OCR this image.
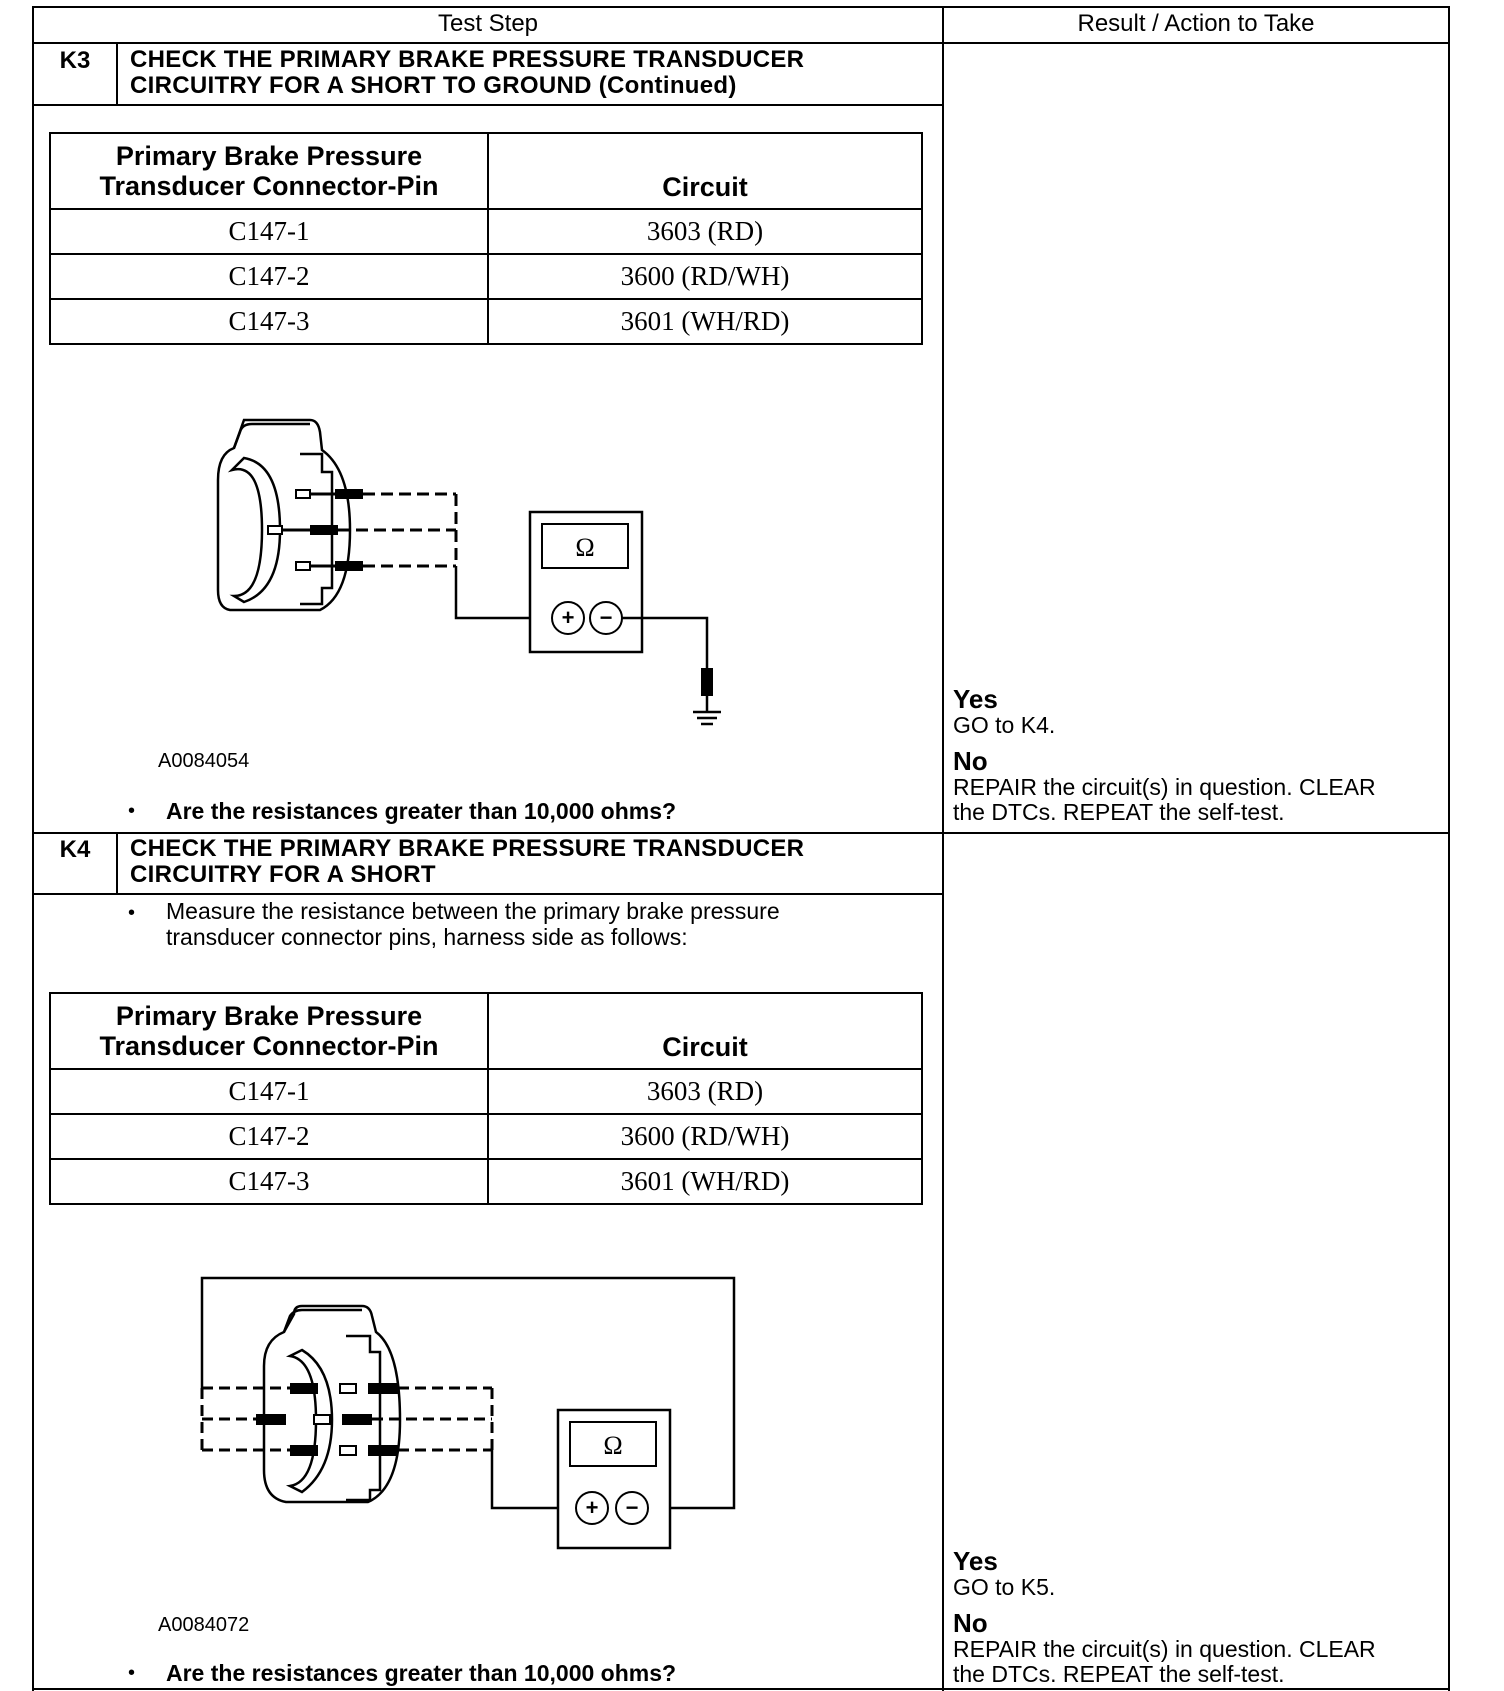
Test Step	Result / Action to Take
K3	CHECK THE PRIMARY BRAKE PRESSURE TRANSDUCER
CIRCUITRY FOR A SHORT TO GROUND (Continued)
Primary Brake Pressure
Transducer Connector-Pin	Circuit
C147-1	3603 (RD)
C147-2	3600 (RD/WH)
C147-3	3601 (WH/RD)
Ω
+ −
A0084054
• Are the resistances greater than 10,000 ohms?
Yes
GO to K4.
No
REPAIR the circuit(s) in question. CLEAR
the DTCs. REPEAT the self-test.
K4	CHECK THE PRIMARY BRAKE PRESSURE TRANSDUCER
CIRCUITRY FOR A SHORT
• Measure the resistance between the primary brake pressure
transducer connector pins, harness side as follows:
Primary Brake Pressure
Transducer Connector-Pin	Circuit
C147-1	3603 (RD)
C147-2	3600 (RD/WH)
C147-3	3601 (WH/RD)
Ω
+ −
A0084072
• Are the resistances greater than 10,000 ohms?
Yes
GO to K5.
No
REPAIR the circuit(s) in question. CLEAR
the DTCs. REPEAT the self-test.
